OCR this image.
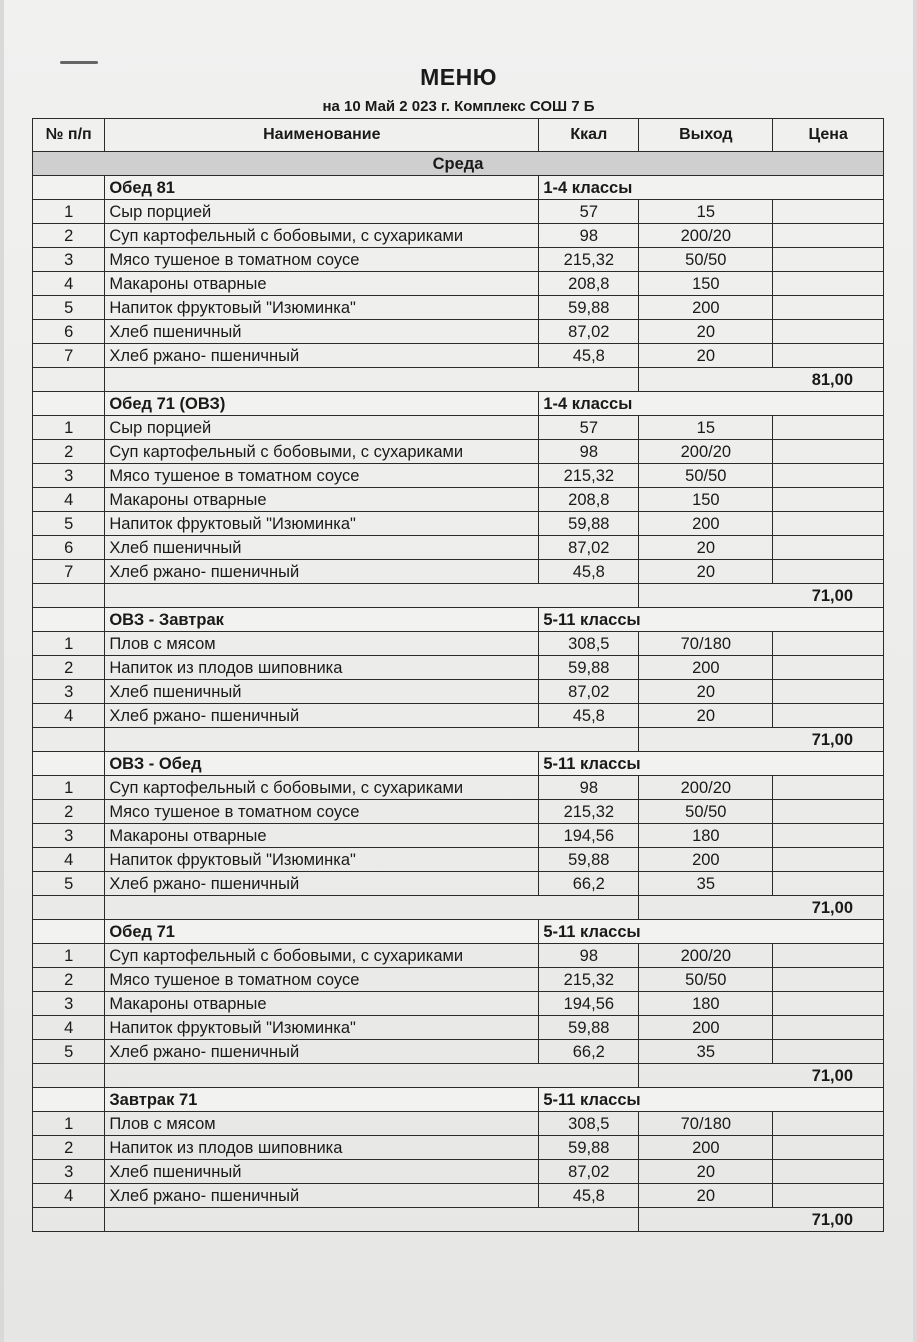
МЕНЮ
на 10 Май 2 023 г. Комплекс СОШ 7 Б
№ п/п	Наименование	Ккал	Выход	Цена
Среда				
	Обед 81	1-4 классы		
1	Сыр порцией	57	15	
2	Суп картофельный с бобовыми, с сухариками	98	200/20	
3	Мясо тушеное в томатном соусе	215,32	50/50	
4	Макароны отварные	208,8	150	
5	Напиток фруктовый "Изюминка"	59,88	200	
6	Хлеб пшеничный	87,02	20	
7	Хлеб ржано- пшеничный	45,8	20	
			81,00	
	Обед 71 (ОВЗ)	1-4 классы		
1	Сыр порцией	57	15	
2	Суп картофельный с бобовыми, с сухариками	98	200/20	
3	Мясо тушеное в томатном соусе	215,32	50/50	
4	Макароны отварные	208,8	150	
5	Напиток фруктовый "Изюминка"	59,88	200	
6	Хлеб пшеничный	87,02	20	
7	Хлеб ржано- пшеничный	45,8	20	
			71,00	
	ОВЗ - Завтрак	5-11 классы		
1	Плов с мясом	308,5	70/180	
2	Напиток из плодов шиповника	59,88	200	
3	Хлеб пшеничный	87,02	20	
4	Хлеб ржано- пшеничный	45,8	20	
			71,00	
	ОВЗ - Обед	5-11 классы		
1	Суп картофельный с бобовыми, с сухариками	98	200/20	
2	Мясо тушеное в томатном соусе	215,32	50/50	
3	Макароны отварные	194,56	180	
4	Напиток фруктовый "Изюминка"	59,88	200	
5	Хлеб ржано- пшеничный	66,2	35	
			71,00	
	Обед 71	5-11 классы		
1	Суп картофельный с бобовыми, с сухариками	98	200/20	
2	Мясо тушеное в томатном соусе	215,32	50/50	
3	Макароны отварные	194,56	180	
4	Напиток фруктовый "Изюминка"	59,88	200	
5	Хлеб ржано- пшеничный	66,2	35	
			71,00	
	Завтрак 71	5-11 классы		
1	Плов с мясом	308,5	70/180	
2	Напиток из плодов шиповника	59,88	200	
3	Хлеб пшеничный	87,02	20	
4	Хлеб ржано- пшеничный	45,8	20	
			71,00	
